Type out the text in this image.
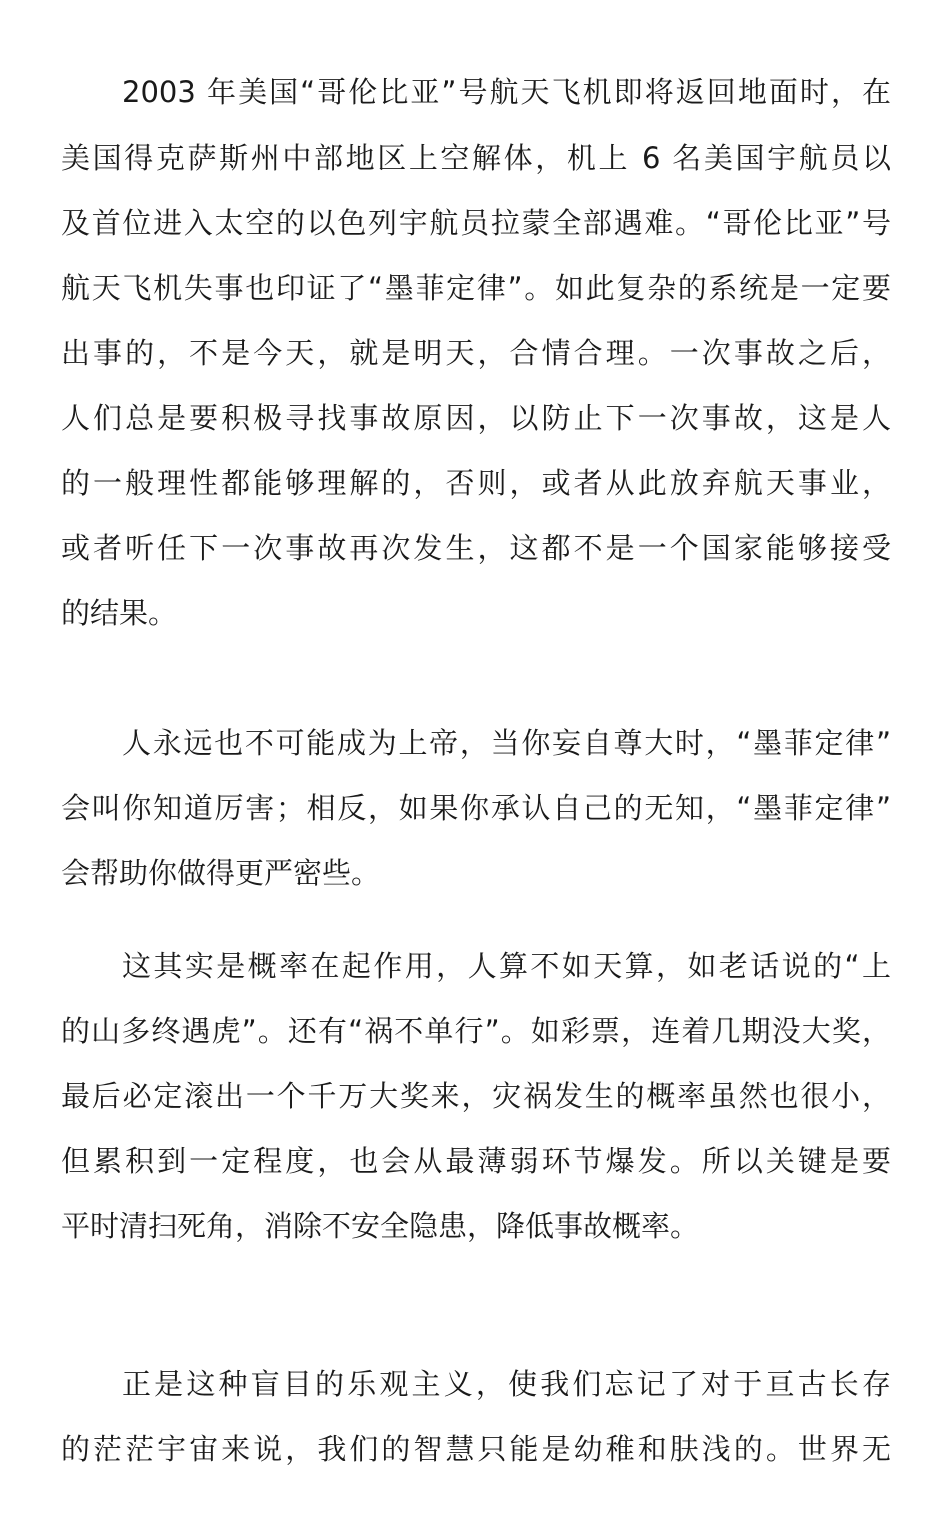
2003 年美国“哥伦比亚”号航天飞机即将返回地面时，在

美国得克萨斯州中部地区上空解体，机上 6 名美国宇航员以

及首位进入太空的以色列宇航员拉蒙全部遇难。“哥伦比亚”号

航天飞机失事也印证了“墨菲定律”。如此复杂的系统是一定要

出事的，不是今天，就是明天，合情合理。一次事故之后，

人们总是要积极寻找事故原因，以防止下一次事故，这是人

的一般理性都能够理解的，否则，或者从此放弃航天事业，

或者听任下一次事故再次发生，这都不是一个国家能够接受

的结果。

人永远也不可能成为上帝，当你妄自尊大时，“墨菲定律”

会叫你知道厉害；相反，如果你承认自己的无知，“墨菲定律”

会帮助你做得更严密些。

这其实是概率在起作用，人算不如天算，如老话说的“上

的山多终遇虎”。还有“祸不单行”。如彩票，连着几期没大奖，

最后必定滚出一个千万大奖来，灾祸发生的概率虽然也很小，

但累积到一定程度，也会从最薄弱环节爆发。所以关键是要

平时清扫死角，消除不安全隐患，降低事故概率。

正是这种盲目的乐观主义，使我们忘记了对于亘古长存

的茫茫宇宙来说，我们的智慧只能是幼稚和肤浅的。世界无
